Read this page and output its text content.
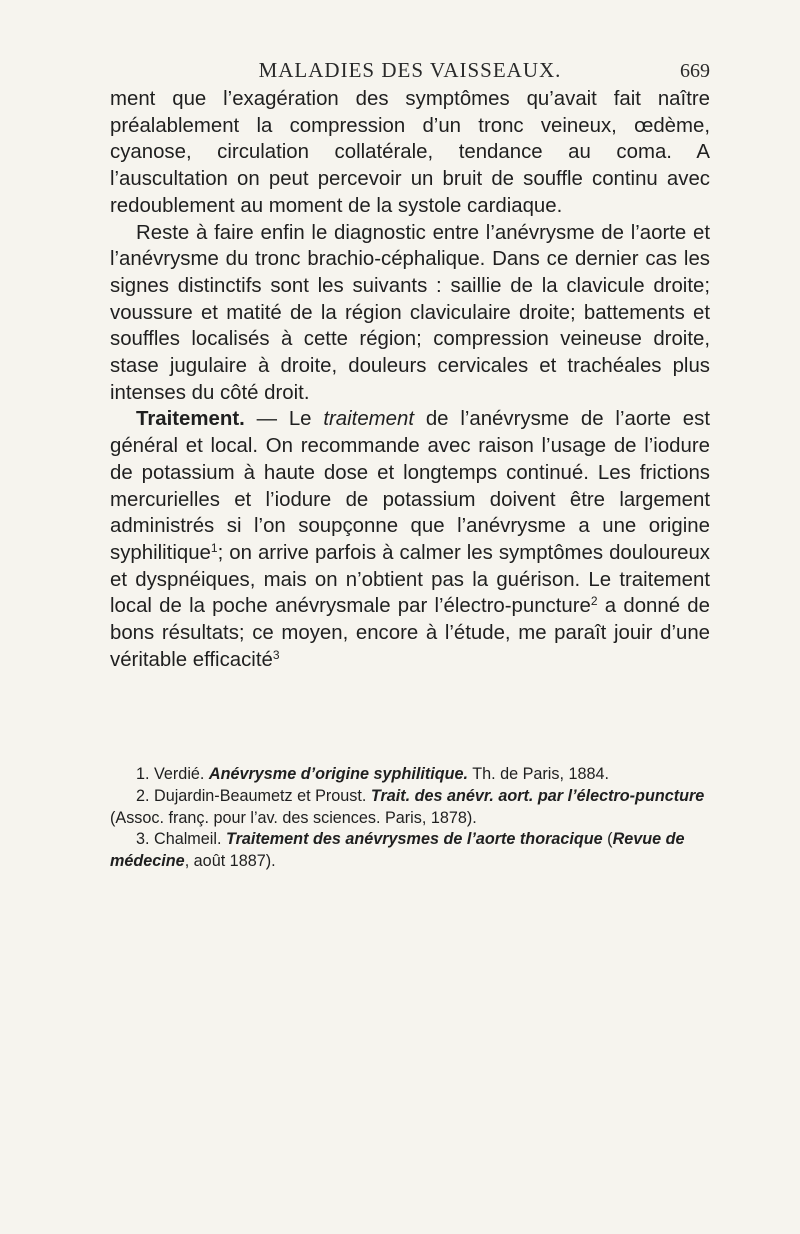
MALADIES DES VAISSEAUX.	669

ment que l’exagération des symptômes qu’avait fait naître préalablement la compression d’un tronc veineux, œdème, cyanose, circulation collatérale, tendance au coma. A l’auscultation on peut percevoir un bruit de souffle continu avec redoublement au moment de la systole cardiaque.

Reste à faire enfin le diagnostic entre l’anévrysme de l’aorte et l’anévrysme du tronc brachio-céphalique. Dans ce dernier cas les signes distinctifs sont les suivants : saillie de la clavicule droite; voussure et matité de la région claviculaire droite; battements et souffles localisés à cette région; compression veineuse droite, stase jugulaire à droite, douleurs cervicales et trachéales plus intenses du côté droit.

Traitement. — Le traitement de l’anévrysme de l’aorte est général et local. On recommande avec raison l’usage de l’iodure de potassium à haute dose et longtemps continué. Les frictions mercurielles et l’iodure de potassium doivent être largement administrés si l’on soupçonne que l’anévrysme a une origine syphilitique$^1$; on arrive parfois à calmer les symptômes douloureux et dyspnéiques, mais on n’obtient pas la guérison. Le traitement local de la poche anévrysmale par l’électro-puncture$^2$ a donné de bons résultats; ce moyen, encore à l’étude, me paraît jouir d’une véritable efficacité$^3$

1. Verdié. Anévrysme d’origine syphilitique. Th. de Paris, 1884.

2. Dujardin-Beaumetz et Proust. Trait. des anévr. aort. par l’électro-puncture (Assoc. franç. pour l’av. des sciences. Paris, 1878).

3. Chalmeil. Traitement des anévrysmes de l’aorte thoracique (Revue de médecine, août 1887).
